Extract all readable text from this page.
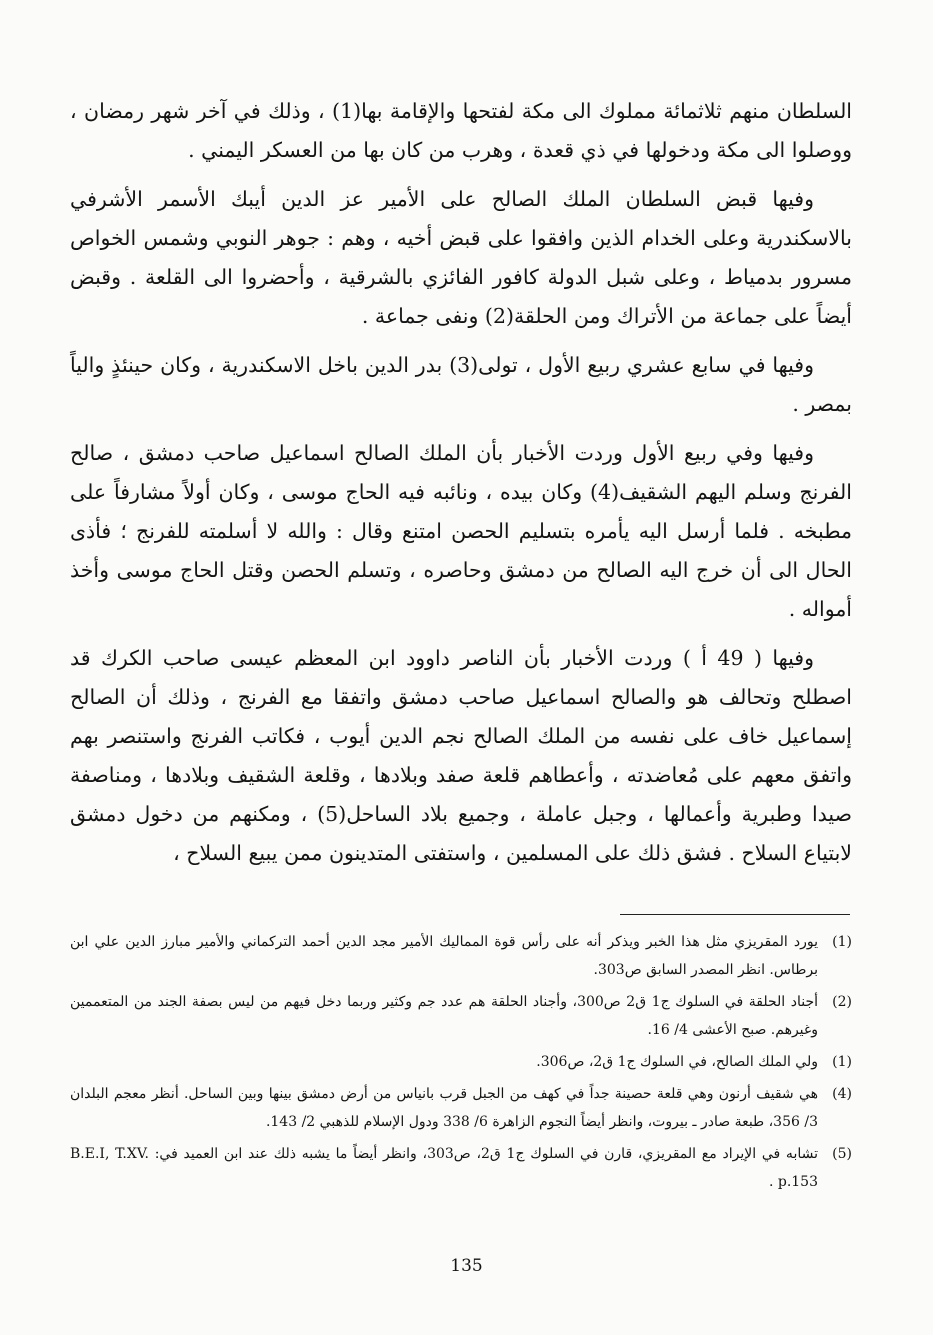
السلطان منهم ثلاثمائة مملوك الى مكة لفتحها والإقامة بها(1) ، وذلك في آخر شهر رمضان ، ووصلوا الى مكة ودخولها في ذي قعدة ، وهرب من كان بها من العسكر اليمني .

وفيها قبض السلطان الملك الصالح على الأمير عز الدين أيبك الأسمر الأشرفي بالاسكندرية وعلى الخدام الذين وافقوا على قبض أخيه ، وهم : جوهر النوبي وشمس الخواص مسرور بدمياط ، وعلى شبل الدولة كافور الفائزي بالشرقية ، وأحضروا الى القلعة . وقبض أيضاً على جماعة من الأتراك ومن الحلقة(2) ونفى جماعة .

وفيها في سابع عشري ربيع الأول ، تولى(3) بدر الدين باخل الاسكندرية ، وكان حينئذٍ والياً بمصر .

وفيها وفي ربيع الأول وردت الأخبار بأن الملك الصالح اسماعيل صاحب دمشق ، صالح الفرنج وسلم اليهم الشقيف(4) وكان بيده ، ونائبه فيه الحاج موسى ، وكان أولاً مشارفاً على مطبخه . فلما أرسل اليه يأمره بتسليم الحصن امتنع وقال : والله لا أسلمته للفرنج ؛ فأذى الحال الى أن خرج اليه الصالح من دمشق وحاصره ، وتسلم الحصن وقتل الحاج موسى وأخذ أمواله .

وفيها ( 49 أ ) وردت الأخبار بأن الناصر داوود ابن المعظم عيسى صاحب الكرك قد اصطلح وتحالف هو والصالح اسماعيل صاحب دمشق واتفقا مع الفرنج ، وذلك أن الصالح إسماعيل خاف على نفسه من الملك الصالح نجم الدين أيوب ، فكاتب الفرنج واستنصر بهم واتفق معهم على مُعاضدته ، وأعطاهم قلعة صفد وبلادها ، وقلعة الشقيف وبلادها ، ومناصفة صيدا وطبرية وأعمالها ، وجبل عاملة ، وجميع بلاد الساحل(5) ، ومكنهم من دخول دمشق لابتياع السلاح . فشق ذلك على المسلمين ، واستفتى المتدينون ممن يبيع السلاح ،

(1)
يورد المقريزي مثل هذا الخبر ويذكر أنه على رأس قوة المماليك الأمير مجد الدين أحمد التركماني والأمير مبارز الدين علي ابن برطاس. انظر المصدر السابق ص303.
(2)
أجناد الحلقة في السلوك ج1 ق2 ص300، وأجناد الحلقة هم عدد جم وكثير وربما دخل فيهم من ليس بصفة الجند من المتعممين وغيرهم. صبح الأعشى 4/ 16.
(1)
ولي الملك الصالح، في السلوك ج1 ق2، ص306.
(4)
هي شقيف أرنون وهي قلعة حصينة جداً في كهف من الجبل قرب بانياس من أرض دمشق بينها وبين الساحل. أنظر معجم البلدان 3/ 356، طبعة صادر ـ بيروت، وانظر أيضاً النجوم الزاهرة 6/ 338 ودول الإسلام للذهبي 2/ 143.
(5)
تشابه في الإيراد مع المقريزي، قارن في السلوك ج1 ق2، ص303، وانظر أيضاً ما يشبه ذلك عند ابن العميد في: B.E.I, T.XV. p.153 .
135
